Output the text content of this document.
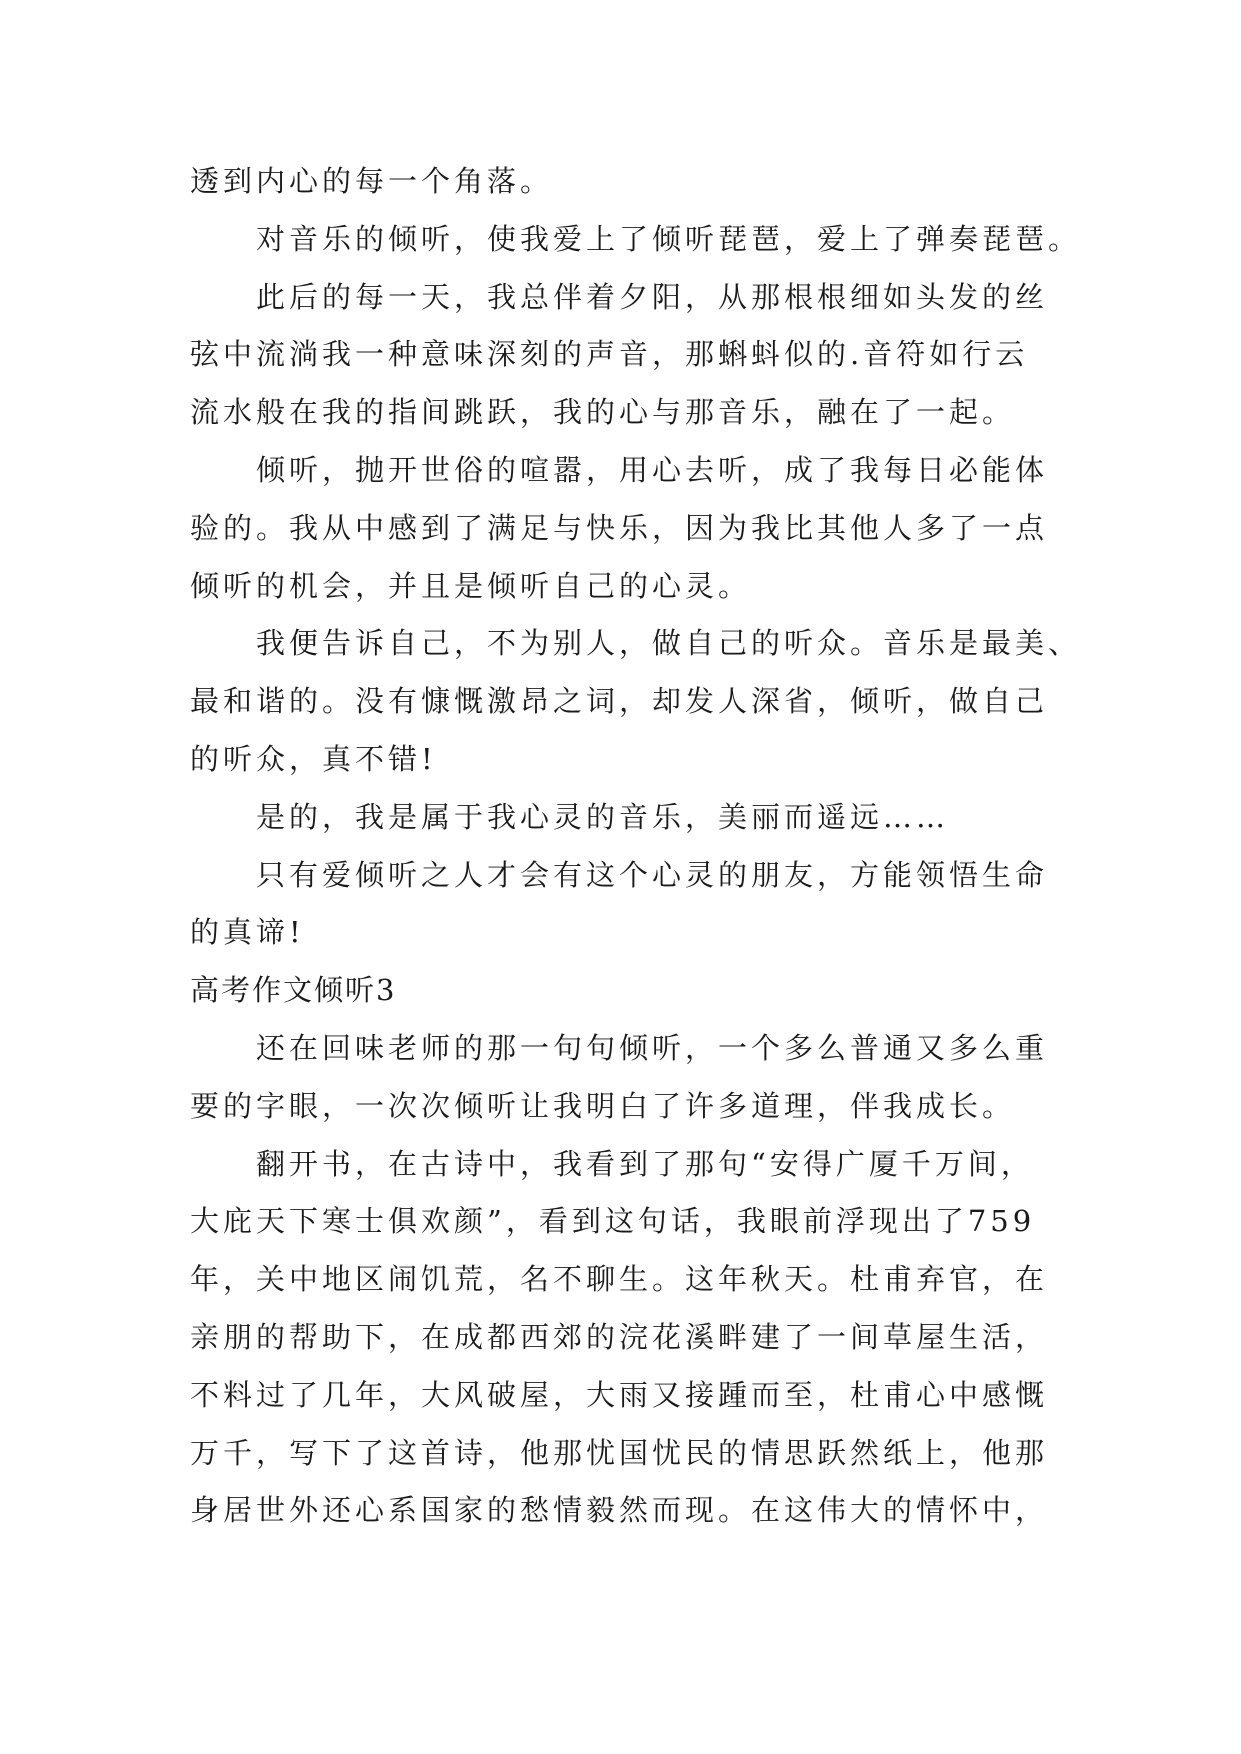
透到内心的每一个角落。
对音乐的倾听，使我爱上了倾听琵琶，爱上了弹奏琵琶。
此后的每一天，我总伴着夕阳，从那根根细如头发的丝
弦中流淌我一种意味深刻的声音，那蝌蚪似的.音符如行云
流水般在我的指间跳跃，我的心与那音乐，融在了一起。
倾听，抛开世俗的喧嚣，用心去听，成了我每日必能体
验的。我从中感到了满足与快乐，因为我比其他人多了一点
倾听的机会，并且是倾听自己的心灵。
我便告诉自己，不为别人，做自己的听众。音乐是最美、
最和谐的。没有慷慨激昂之词，却发人深省，倾听，做自己
的听众，真不错!
是的，我是属于我心灵的音乐，美丽而遥远……
只有爱倾听之人才会有这个心灵的朋友，方能领悟生命
的真谛!
高考作文倾听3
还在回味老师的那一句句倾听，一个多么普通又多么重
要的字眼，一次次倾听让我明白了许多道理，伴我成长。
翻开书，在古诗中，我看到了那句“安得广厦千万间，
大庇天下寒士俱欢颜”，看到这句话，我眼前浮现出了759
年，关中地区闹饥荒，名不聊生。这年秋天。杜甫弃官，在
亲朋的帮助下，在成都西郊的浣花溪畔建了一间草屋生活，
不料过了几年，大风破屋，大雨又接踵而至，杜甫心中感慨
万千，写下了这首诗，他那忧国忧民的情思跃然纸上，他那
身居世外还心系国家的愁情毅然而现。在这伟大的情怀中，
